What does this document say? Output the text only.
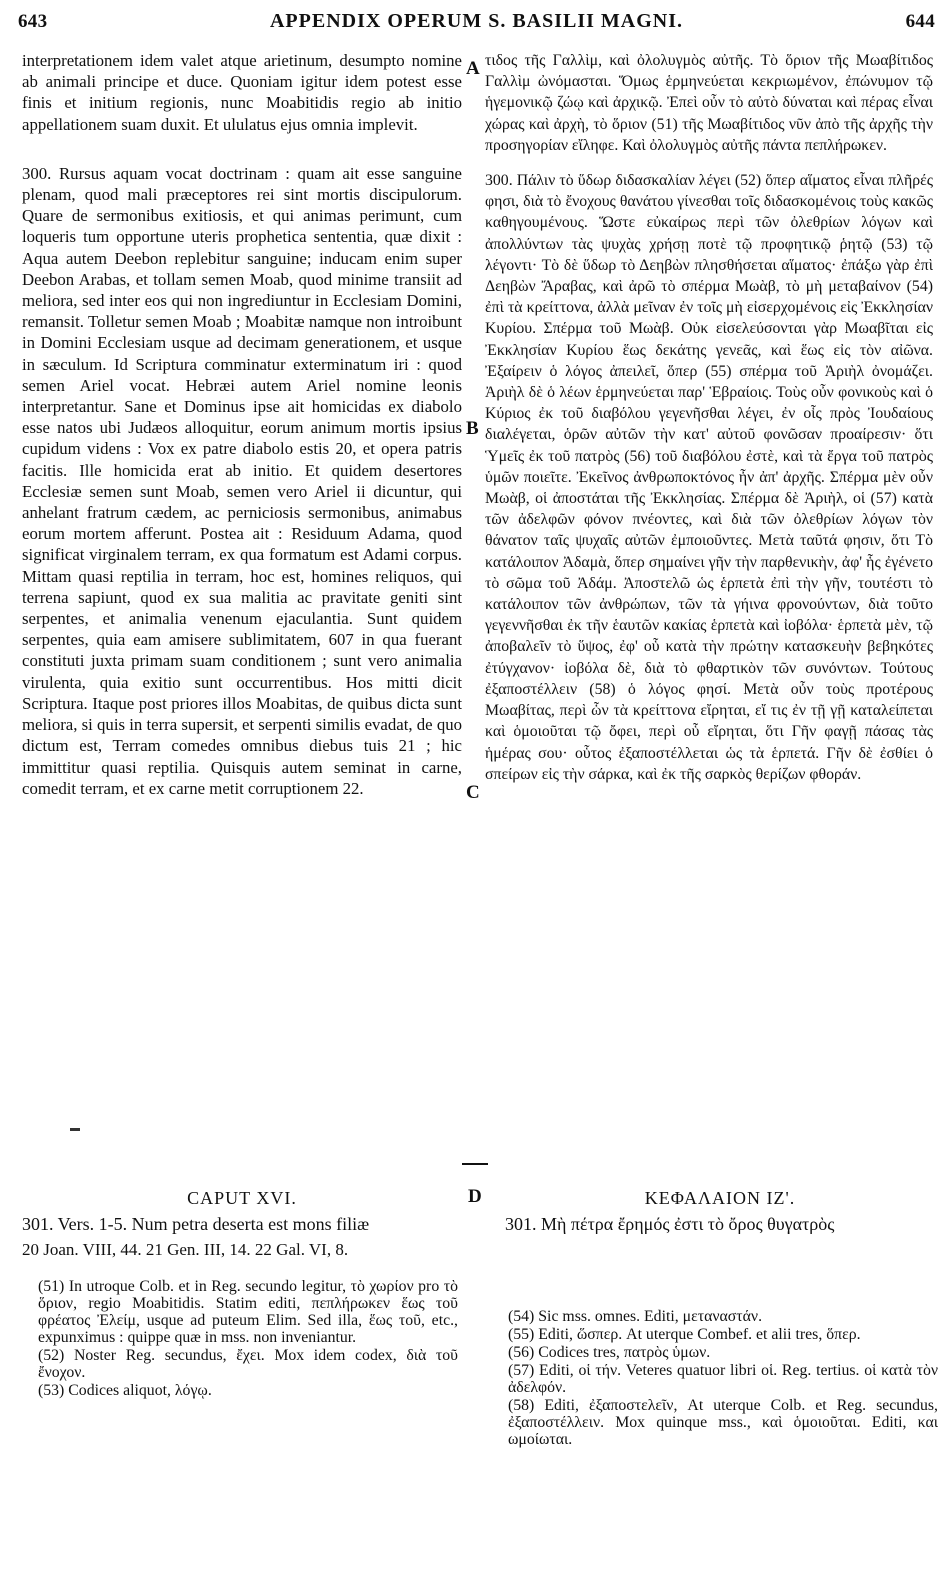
643	APPENDIX OPERUM S. BASILII MAGNI.	644

interpretationem idem valet atque arietinum, desumpto nomine ab animali principe et duce. Quoniam igitur idem potest esse finis et initium regionis, nunc Moabitidis regio ab initio appellationem suam duxit. Et ululatus ejus omnia implevit.

300. Rursus aquam vocat doctrinam : quam ait esse sanguine plenam, quod mali præceptores rei sint mortis discipulorum. Quare de sermonibus exitiosis, et qui animas perimunt, cum loqueris tum opportune uteris prophetica sententia, quæ dixit : Aqua autem Deebon replebitur sanguine; inducam enim super Deebon Arabas, et tollam semen Moab, quod minime transiit ad meliora, sed inter eos qui non ingrediuntur in Ecclesiam Domini, remansit. Tolletur semen Moab ; Moabitæ namque non introibunt in Domini Ecclesiam usque ad decimam generationem, et usque in sæculum. Id Scriptura comminatur exterminatum iri : quod semen Ariel vocat. Hebræi autem Ariel nomine leonis interpretantur. Sane et Dominus ipse ait homicidas ex diabolo esse natos ubi Judæos alloquitur, eorum animum mortis ipsius cupidum videns : Vox ex patre diabolo estis 20, et opera patris facitis. Ille homicida erat ab initio. Et quidem desertores Ecclesiæ semen sunt Moab, semen vero Ariel ii dicuntur, qui anhelant fratrum cædem, ac perniciosis sermonibus, animabus eorum mortem afferunt. Postea ait : Residuum Adama, quod significat virginalem terram, ex qua formatum est Adami corpus. Mittam quasi reptilia in terram, hoc est, homines reliquos, qui terrena sapiunt, quod ex sua malitia ac pravitate geniti sint serpentes, et animalia venenum ejaculantia. Sunt quidem serpentes, quia eam amisere sublimitatem, 607 in qua fuerant constituti juxta primam suam conditionem ; sunt vero animalia virulenta, quia exitio sunt occurrentibus. Hos mitti dicit Scriptura. Itaque post priores illos Moabitas, de quibus dicta sunt meliora, si quis in terra supersit, et serpenti similis evadat, de quo dictum est, Terram comedes omnibus diebus tuis 21 ; hic immittitur quasi reptilia. Quisquis autem seminat in carne, comedit terram, et ex carne metit corruptionem 22.

τιδος τῆς Γαλλὶμ, καὶ ὀλολυγμὸς αὐτῆς. Τὸ ὅριον τῆς Μωαβίτιδος Γαλλὶμ ὠνόμασται. Ὅμως ἑρμηνεύεται κεκριωμένον, ἐπώνυμον τῷ ἡγεμονικῷ ζώῳ καὶ ἀρχικῷ. Ἐπεὶ οὖν τὸ αὐτὸ δύναται καὶ πέρας εἶναι χώρας καὶ ἀρχὴ, τὸ ὅριον (51) τῆς Μωαβίτιδος νῦν ἀπὸ τῆς ἀρχῆς τὴν προσηγορίαν εἴληφε. Καὶ ὀλολυγμὸς αὐτῆς πάντα πεπλήρωκεν.

300. Πάλιν τὸ ὕδωρ διδασκαλίαν λέγει (52) ὅπερ αἵματος εἶναι πλῆρές φησι, διὰ τὸ ἔνοχους θανάτου γίνεσθαι τοῖς διδασκομένοις τοὺς κακῶς καθηγουμένους. Ὥστε εὐκαίρως περὶ τῶν ὀλεθρίων λόγων καὶ ἀπολλύντων τὰς ψυχὰς χρήσῃ ποτὲ τῷ προφητικῷ ῥητῷ (53) τῷ λέγοντι· Τὸ δὲ ὕδωρ τὸ Δεηβὼν πλησθήσεται αἵματος· ἐπάξω γὰρ ἐπὶ Δεηβὼν Ἄραβας, καὶ ἀρῶ τὸ σπέρμα Μωὰβ, τὸ μὴ μεταβαίνον (54) ἐπὶ τὰ κρείττονα, ἀλλὰ μεῖναν ἐν τοῖς μὴ εἰσερχομένοις εἰς Ἐκκλησίαν Κυρίου. Σπέρμα τοῦ Μωὰβ. Οὐκ εἰσελεύσονται γὰρ Μωαβῖται εἰς Ἐκκλησίαν Κυρίου ἕως δεκάτης γενεᾶς, καὶ ἕως εἰς τὸν αἰῶνα. Ἐξαίρειν ὁ λόγος ἀπειλεῖ, ὅπερ (55) σπέρμα τοῦ Ἀριὴλ ὀνομάζει. Ἀριὴλ δὲ ὁ λέων ἑρμηνεύεται παρ' Ἑβραίοις. Τοὺς οὖν φονικοὺς καὶ ὁ Κύριος ἐκ τοῦ διαβόλου γεγενῆσθαι λέγει, ἐν οἷς πρὸς Ἰουδαίους διαλέγεται, ὁρῶν αὐτῶν τὴν κατ' αὐτοῦ φονῶσαν προαίρεσιν· ὅτι Ὑμεῖς ἐκ τοῦ πατρὸς (56) τοῦ διαβόλου ἐστὲ, καὶ τὰ ἔργα τοῦ πατρὸς ὑμῶν ποιεῖτε. Ἐκεῖνος ἀνθρωποκτόνος ἦν ἀπ' ἀρχῆς. Σπέρμα μὲν οὖν Μωὰβ, οἱ ἀποστάται τῆς Ἐκκλησίας. Σπέρμα δὲ Ἀριὴλ, οἱ (57) κατὰ τῶν ἀδελφῶν φόνον πνέοντες, καὶ διὰ τῶν ὀλεθρίων λόγων τὸν θάνατον ταῖς ψυχαῖς αὐτῶν ἐμποιοῦντες. Μετὰ ταῦτά φησιν, ὅτι Τὸ κατάλοιπον Ἀδαμὰ, ὅπερ σημαίνει γῆν τὴν παρθενικὴν, ἀφ' ἧς ἐγένετο τὸ σῶμα τοῦ Ἀδάμ. Ἀποστελῶ ὡς ἑρπετὰ ἐπὶ τὴν γῆν, τουτέστι τὸ κατάλοιπον τῶν ἀνθρώπων, τῶν τὰ γήινα φρονούντων, διὰ τοῦτο γεγεννῆσθαι ἐκ τῆν ἑαυτῶν κακίας ἑρπετὰ καὶ ἰοβόλα· ἑρπετὰ μὲν, τῷ ἀποβαλεῖν τὸ ὕψος, ἐφ' οὗ κατὰ τὴν πρώτην κατασκευὴν βεβηκότες ἐτύγχανον· ἰοβόλα δὲ, διὰ τὸ φθαρτικὸν τῶν συνόντων. Τούτους ἐξαποστέλλειν (58) ὁ λόγος φησί. Μετὰ οὖν τοὺς προτέρους Μωαβίτας, περὶ ὧν τὰ κρείττονα εἴρηται, εἴ τις ἐν τῇ γῇ καταλείπεται καὶ ὁμοιοῦται τῷ ὄφει, περὶ οὗ εἴρηται, ὅτι Γῆν φαγῇ πάσας τὰς ἡμέρας σου· οὗτος ἐξαποστέλλεται ὡς τὰ ἑρπετά. Γῆν δὲ ἐσθίει ὁ σπείρων εἰς τὴν σάρκα, καὶ ἐκ τῆς σαρκὸς θερίζων φθοράν.

A
B
C
D
CAPUT XVI.
301. Vers. 1-5. Num petra deserta est mons filiæ
ΚΕΦΑΛΑΙΟΝ ΙΖ'.
301. Μὴ πέτρα ἔρημός ἐστι τὸ ὄρος θυγατρὸς
20 Joan. VIII, 44. 21 Gen. III, 14. 22 Gal. VI, 8.
(51) In utroque Colb. et in Reg. secundo legitur, τὸ χωρίον pro τὸ ὅριον, regio Moabitidis. Statim editi, πεπλήρωκεν ἕως τοῦ φρέατος Ἐλείμ, usque ad puteum Elim. Sed illa, ἕως τοῦ, etc., expunximus : quippe quæ in mss. non inveniantur.
(52) Noster Reg. secundus, ἔχει. Mox idem codex, διὰ τοῦ ἔνοχον.
(53) Codices aliquot, λόγῳ.
(54) Sic mss. omnes. Editi, μεταναστάν.
(55) Editi, ὥσπερ. At uterque Combef. et alii tres, ὅπερ.
(56) Codices tres, πατρὸς ὑμων.
(57) Editi, οἱ τήν. Veteres quatuor libri οἱ. Reg. tertius. οἱ κατὰ τὸν ἀδελφόν.
(58) Editi, ἐξαποστελεῖν, At uterque Colb. et Reg. secundus, ἐξαποστέλλειν. Mox quinque mss., καὶ ὁμοιοῦται. Editi, και ωμοίωται.
